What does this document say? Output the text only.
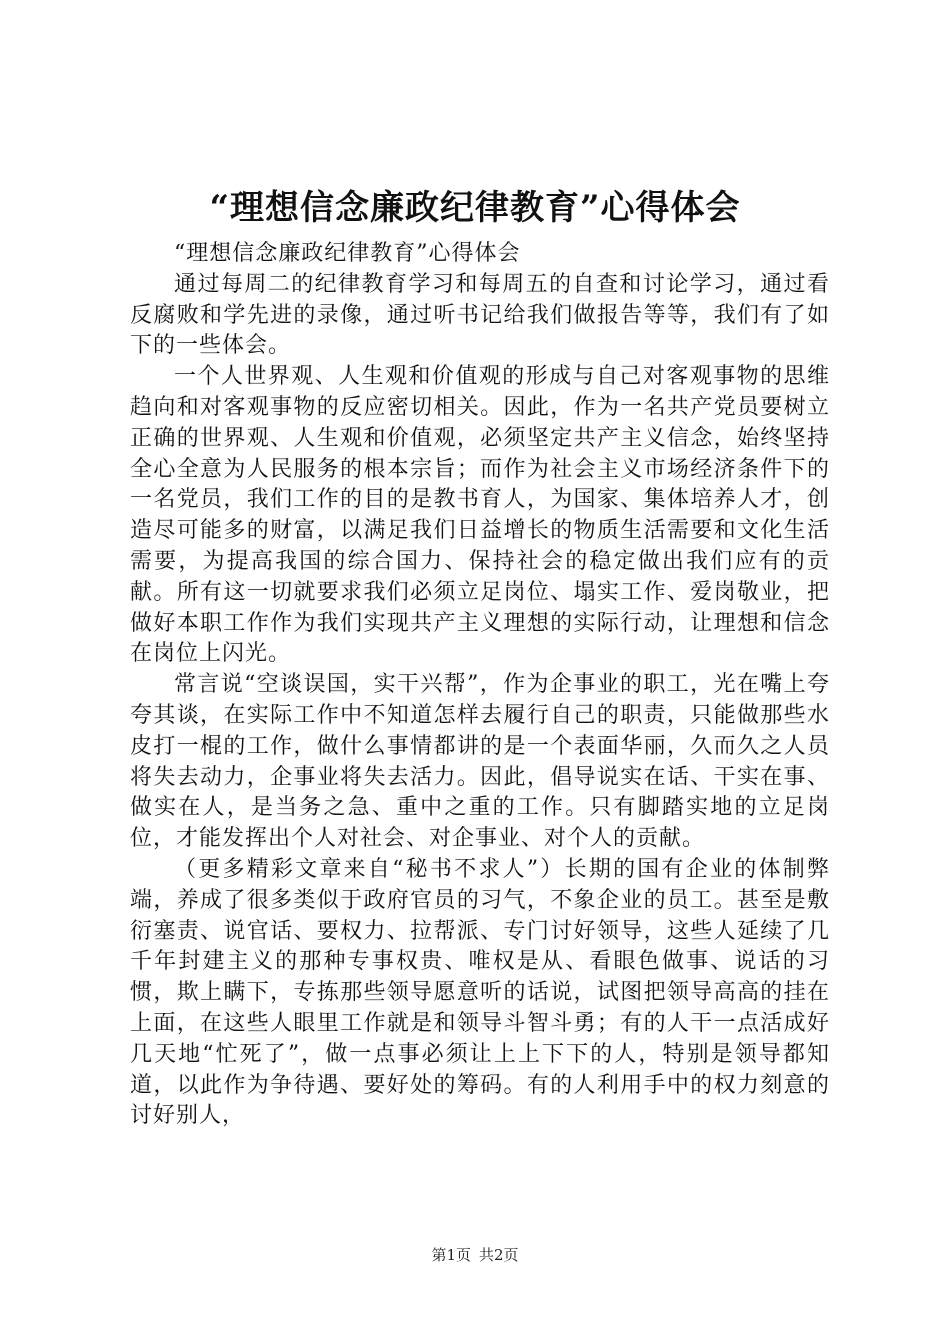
“理想信念廉政纪律教育”心得体会

“理想信念廉政纪律教育”心得体会

通过每周二的纪律教育学习和每周五的自查和讨论学习，通过看反腐败和学先进的录像，通过听书记给我们做报告等等，我们有了如下的一些体会。

一个人世界观、人生观和价值观的形成与自己对客观事物的思维趋向和对客观事物的反应密切相关。因此，作为一名共产党员要树立正确的世界观、人生观和价值观，必须坚定共产主义信念，始终坚持全心全意为人民服务的根本宗旨；而作为社会主义市场经济条件下的一名党员，我们工作的目的是教书育人，为国家、集体培养人才，创造尽可能多的财富，以满足我们日益增长的物质生活需要和文化生活需要，为提高我国的综合国力、保持社会的稳定做出我们应有的贡献。所有这一切就要求我们必须立足岗位、塌实工作、爱岗敬业，把做好本职工作作为我们实现共产主义理想的实际行动，让理想和信念在岗位上闪光。

常言说“空谈误国，实干兴帮”，作为企事业的职工，光在嘴上夸夸其谈，在实际工作中不知道怎样去履行自己的职责，只能做那些水皮打一棍的工作，做什么事情都讲的是一个表面华丽，久而久之人员将失去动力，企事业将失去活力。因此，倡导说实在话、干实在事、做实在人，是当务之急、重中之重的工作。只有脚踏实地的立足岗位，才能发挥出个人对社会、对企事业、对个人的贡献。

（更多精彩文章来自“秘书不求人”）长期的国有企业的体制弊端，养成了很多类似于政府官员的习气，不象企业的员工。甚至是敷衍塞责、说官话、要权力、拉帮派、专门讨好领导，这些人延续了几千年封建主义的那种专事权贵、唯权是从、看眼色做事、说话的习惯，欺上瞒下，专拣那些领导愿意听的话说，试图把领导高高的挂在上面，在这些人眼里工作就是和领导斗智斗勇；有的人干一点活成好几天地“忙死了”，做一点事必须让上上下下的人，特别是领导都知道，以此作为争待遇、要好处的筹码。有的人利用手中的权力刻意的讨好别人，

第1页 共2页
